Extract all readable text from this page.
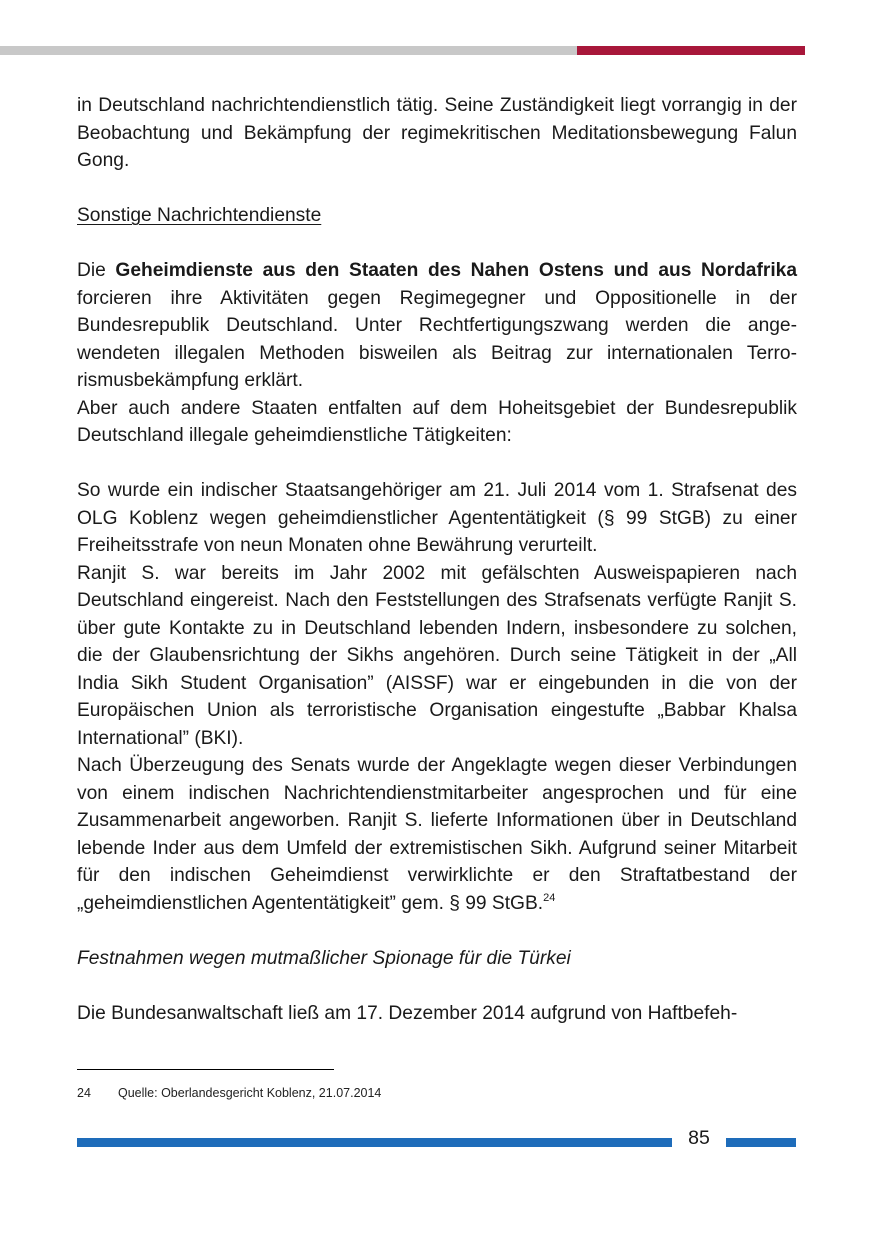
in Deutschland nachrichtendienstlich tätig. Seine Zuständigkeit liegt vorrangig in der Beobachtung und Bekämpfung der regimekritischen Meditationsbewegung Falun Gong.

Sonstige Nachrichtendienste

Die Geheimdienste aus den Staaten des Nahen Ostens und aus Nordafrika forcieren ihre Aktivitäten gegen Regimegegner und Oppositionelle in der Bundesrepublik Deutschland. Unter Rechtfertigungszwang werden die angewendeten illegalen Methoden bisweilen als Beitrag zur internationalen Terrorismusbekämpfung erklärt.

Aber auch andere Staaten entfalten auf dem Hoheitsgebiet der Bundesrepublik Deutschland illegale geheimdienstliche Tätigkeiten:

So wurde ein indischer Staatsangehöriger am 21. Juli 2014 vom 1. Strafsenat des OLG Koblenz wegen geheimdienstlicher Agententätigkeit (§ 99 StGB) zu einer Freiheitsstrafe von neun Monaten ohne Bewährung verurteilt.

Ranjit S. war bereits im Jahr 2002 mit gefälschten Ausweispapieren nach Deutschland eingereist. Nach den Feststellungen des Strafsenats verfügte Ranjit S. über gute Kontakte zu in Deutschland lebenden Indern, insbesondere zu solchen, die der Glaubensrichtung der Sikhs angehören. Durch seine Tätigkeit in der „All India Sikh Student Organisation” (AISSF) war er eingebunden in die von der Europäischen Union als terroristische Organisation eingestufte „Babbar Khalsa International” (BKI).

Nach Überzeugung des Senats wurde der Angeklagte wegen dieser Verbindungen von einem indischen Nachrichtendienstmitarbeiter angesprochen und für eine Zusammenarbeit angeworben. Ranjit S. lieferte Informationen über in Deutschland lebende Inder aus dem Umfeld der extremistischen Sikh. Aufgrund seiner Mitarbeit für den indischen Geheimdienst verwirklichte er den Straftatbestand der „geheimdienstlichen Agententätigkeit” gem. § 99 StGB.$^{24}$

Festnahmen wegen mutmaßlicher Spionage für die Türkei

Die Bundesanwaltschaft ließ am 17. Dezember 2014 aufgrund von Haftbefeh-

24 Quelle: Oberlandesgericht Koblenz, 21.07.2014
85
